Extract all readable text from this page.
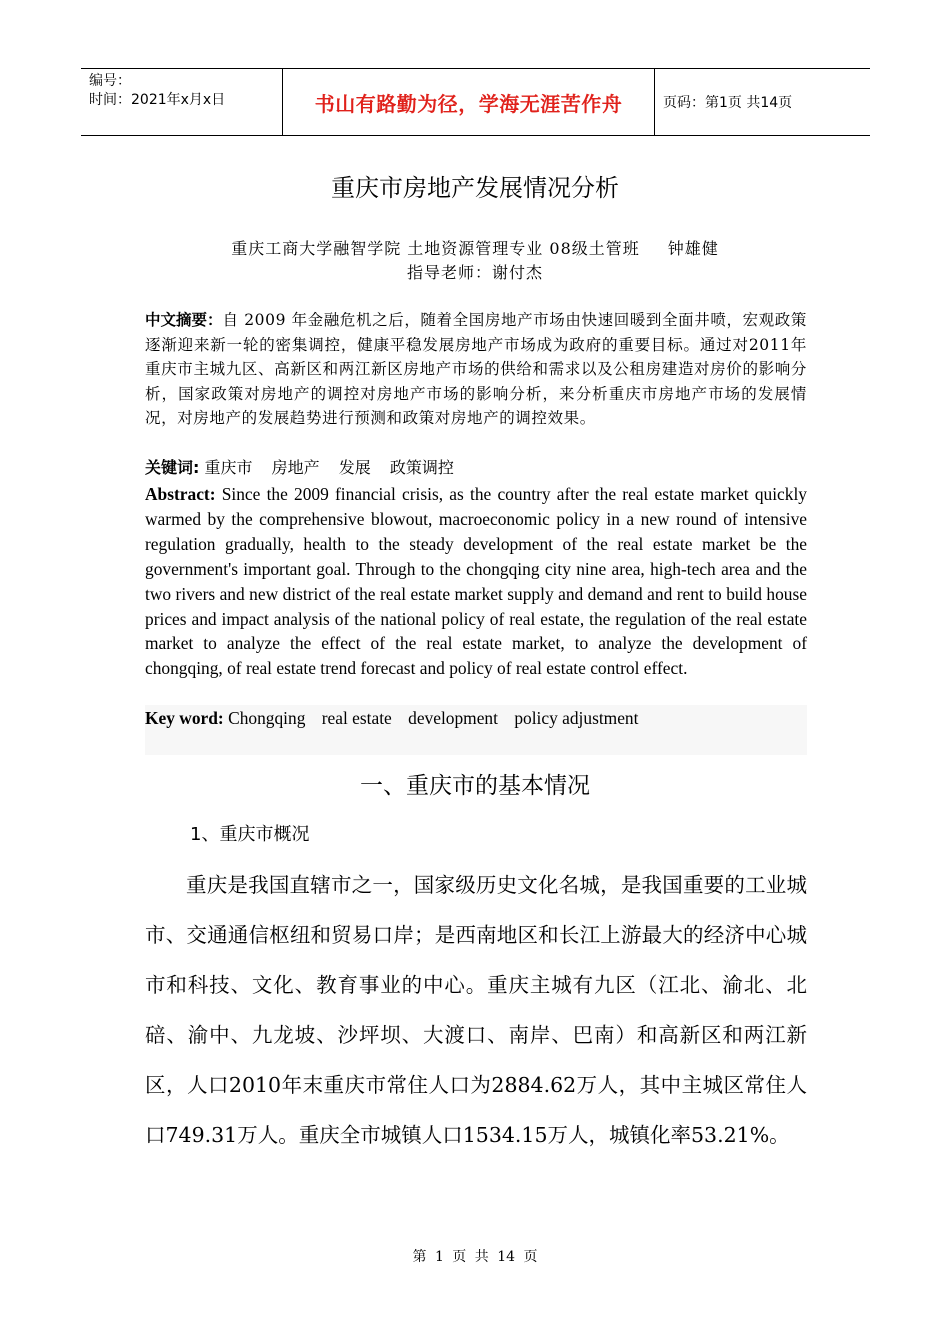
编号：
时间：2021年x月x日	书山有路勤为径，学海无涯苦作舟	页码：第1页 共14页
重庆市房地产发展情况分析
重庆工商大学融智学院 土地资源管理专业 08级土管班 钟雄健
指导老师：谢付杰
中文摘要：自 2009 年金融危机之后，随着全国房地产市场由快速回暖到全面井喷，宏观政策逐渐迎来新一轮的密集调控，健康平稳发展房地产市场成为政府的重要目标。通过对2011年重庆市主城九区、高新区和两江新区房地产市场的供给和需求以及公租房建造对房价的影响分析，国家政策对房地产的调控对房地产市场的影响分析，来分析重庆市房地产市场的发展情况，对房地产的发展趋势进行预测和政策对房地产的调控效果。
关键词: 重庆市 房地产 发展 政策调控
Abstract: Since the 2009 financial crisis, as the country after the real estate market quickly warmed by the comprehensive blowout, macroeconomic policy in a new round of intensive regulation gradually, health to the steady development of the real estate market be the government's important goal. Through to the chongqing city nine area, high-tech area and the two rivers and new district of the real estate market supply and demand and rent to build house prices and impact analysis of the national policy of real estate, the regulation of the real estate market to analyze the effect of the real estate market, to analyze the development of chongqing, of real estate trend forecast and policy of real estate control effect.
Key word: Chongqing real estate development policy adjustment
一、重庆市的基本情况
1、重庆市概况

重庆是我国直辖市之一，国家级历史文化名城，是我国重要的工业城市、交通通信枢纽和贸易口岸；是西南地区和长江上游最大的经济中心城市和科技、文化、教育事业的中心。重庆主城有九区（江北、渝北、北碚、渝中、九龙坡、沙坪坝、大渡口、南岸、巴南）和高新区和两江新区，人口2010年末重庆市常住人口为2884.62万人，其中主城区常住人口749.31万人。重庆全市城镇人口1534.15万人，城镇化率53.21%。

第 1 页 共 14 页
